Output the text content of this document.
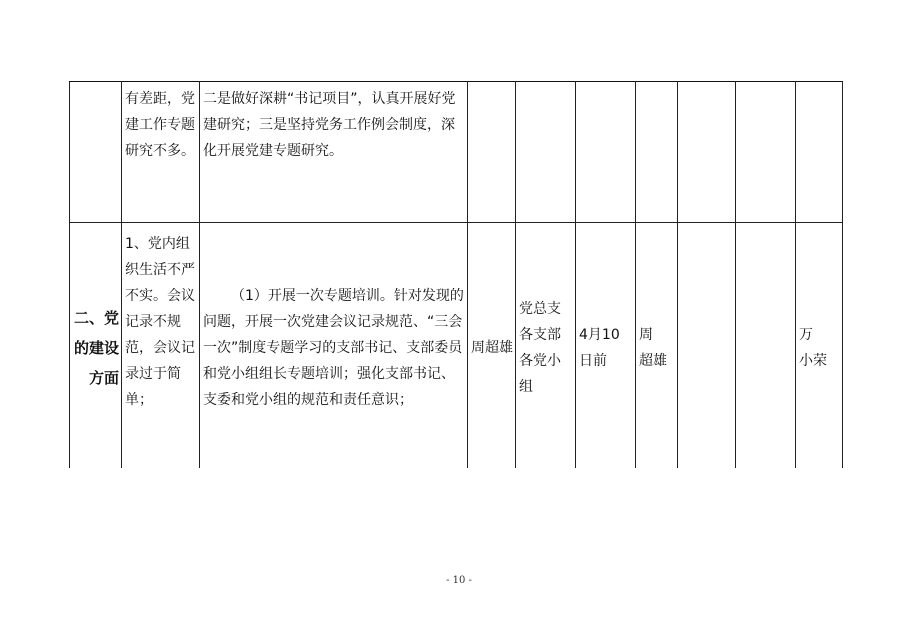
	有差距，党建工作专题研究不多。	二是做好深耕“书记项目”，认真开展好党建研究；三是坚持党务工作例会制度，深化开展党建专题研究。							

二、党的建设方面	1、党内组织生活不严不实。会议记录不规范，会议记录过于简单；	（1）开展一次专题培训。针对发现的问题，开展一次党建会议记录规范、“三会一次”制度专题学习的支部书记、支部委员和党小组组长专题培训；强化支部书记、支委和党小组的规范和责任意识；	周超雄	党总支各支部各党小组	4月10日前	周　超雄			万　小荣
- 10 -
